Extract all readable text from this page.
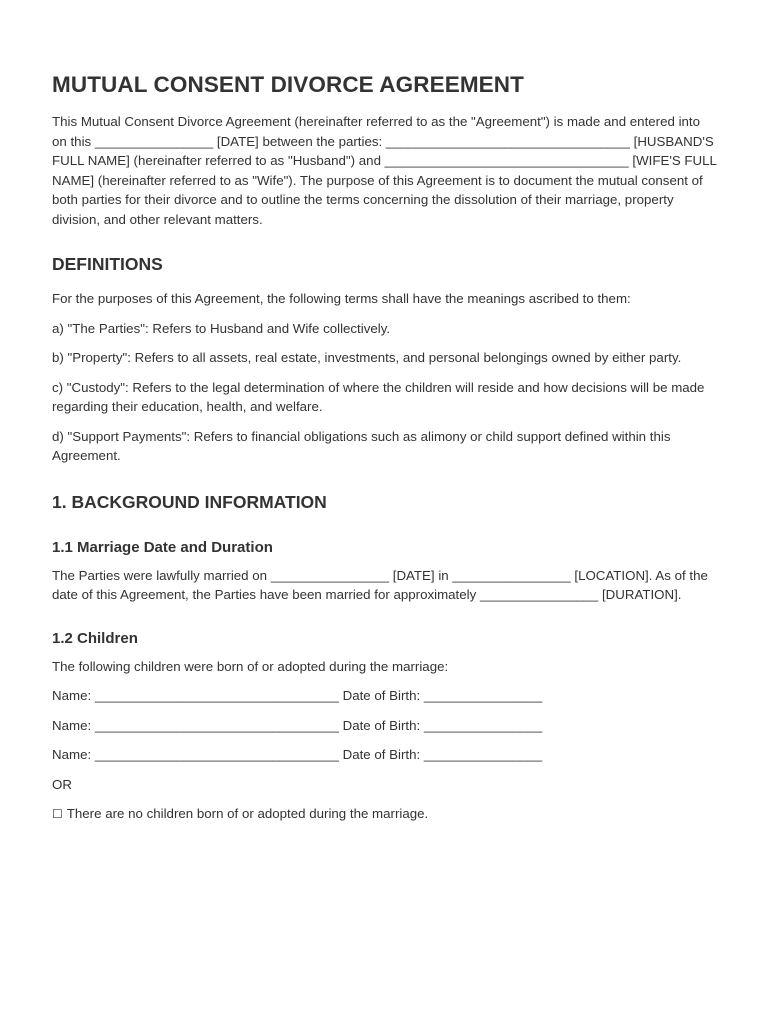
MUTUAL CONSENT DIVORCE AGREEMENT

This Mutual Consent Divorce Agreement (hereinafter referred to as the "Agreement") is made and entered into on this ________________ [DATE] between the parties: _________________________________ [HUSBAND'S FULL NAME] (hereinafter referred to as "Husband") and _________________________________ [WIFE'S FULL NAME] (hereinafter referred to as "Wife"). The purpose of this Agreement is to document the mutual consent of both parties for their divorce and to outline the terms concerning the dissolution of their marriage, property division, and other relevant matters.

DEFINITIONS

For the purposes of this Agreement, the following terms shall have the meanings ascribed to them:

a) "The Parties": Refers to Husband and Wife collectively.

b) "Property": Refers to all assets, real estate, investments, and personal belongings owned by either party.

c) "Custody": Refers to the legal determination of where the children will reside and how decisions will be made regarding their education, health, and welfare.

d) "Support Payments": Refers to financial obligations such as alimony or child support defined within this Agreement.

1. BACKGROUND INFORMATION
1.1 Marriage Date and Duration

The Parties were lawfully married on ________________ [DATE] in ________________ [LOCATION]. As of the date of this Agreement, the Parties have been married for approximately ________________ [DURATION].

1.2 Children

The following children were born of or adopted during the marriage:

Name: _________________________________ Date of Birth: ________________

Name: _________________________________ Date of Birth: ________________

Name: _________________________________ Date of Birth: ________________

OR

☐ There are no children born of or adopted during the marriage.
